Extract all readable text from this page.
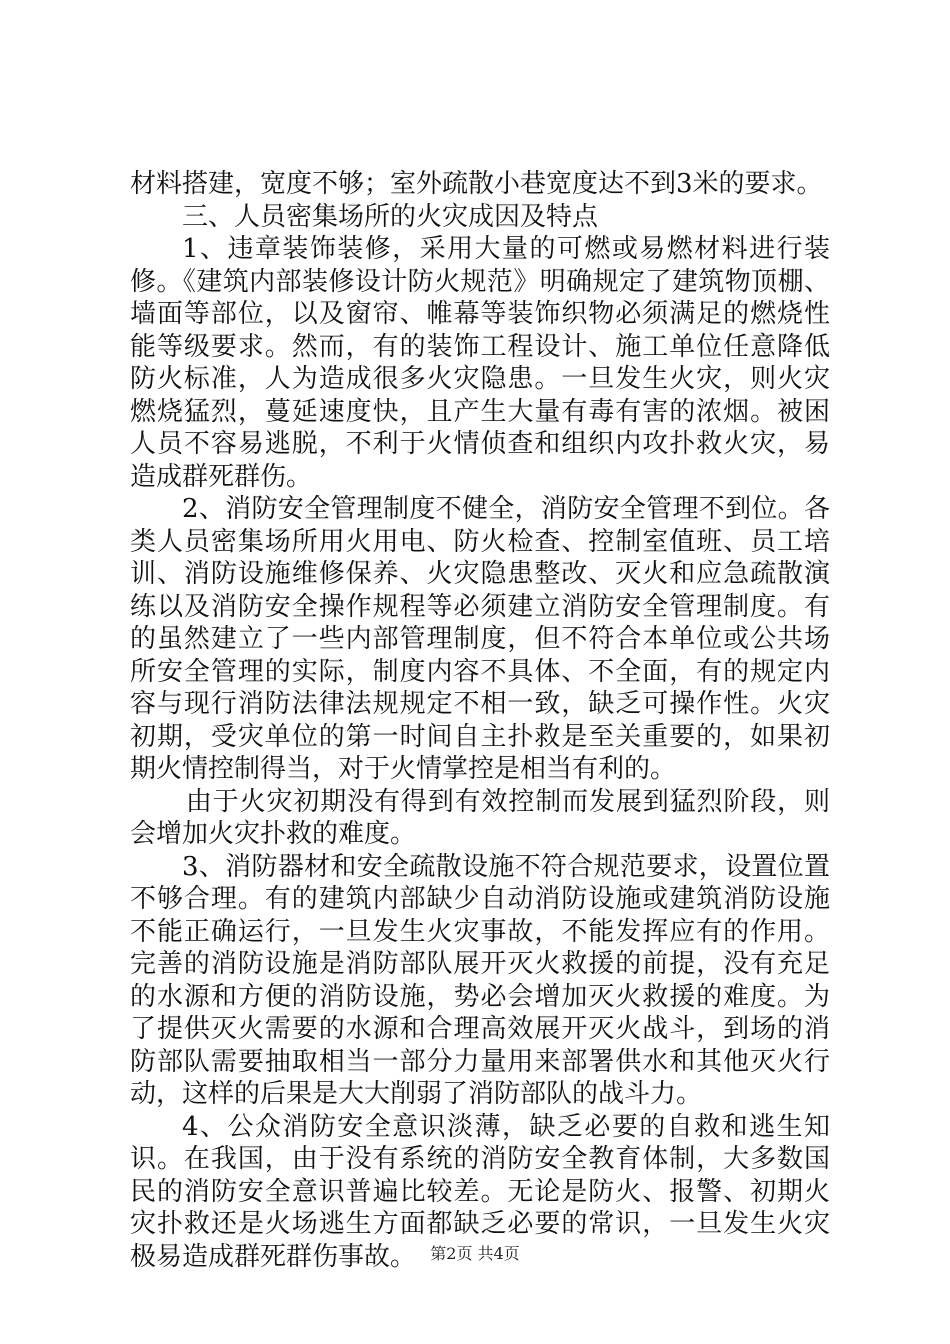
材料搭建，宽度不够；室外疏散小巷宽度达不到3米的要求。

三、人员密集场所的火灾成因及特点

1、违章装饰装修，采用大量的可燃或易燃材料进行装修。《建筑内部装修设计防火规范》明确规定了建筑物顶棚、墙面等部位，以及窗帘、帷幕等装饰织物必须满足的燃烧性能等级要求。然而，有的装饰工程设计、施工单位任意降低防火标准，人为造成很多火灾隐患。一旦发生火灾，则火灾燃烧猛烈，蔓延速度快，且产生大量有毒有害的浓烟。被困人员不容易逃脱，不利于火情侦查和组织内攻扑救火灾，易造成群死群伤。

2、消防安全管理制度不健全，消防安全管理不到位。各类人员密集场所用火用电、防火检查、控制室值班、员工培训、消防设施维修保养、火灾隐患整改、灭火和应急疏散演练以及消防安全操作规程等必须建立消防安全管理制度。有的虽然建立了一些内部管理制度，但不符合本单位或公共场所安全管理的实际，制度内容不具体、不全面，有的规定内容与现行消防法律法规规定不相一致，缺乏可操作性。火灾初期，受灾单位的第一时间自主扑救是至关重要的，如果初期火情控制得当，对于火情掌控是相当有利的。

由于火灾初期没有得到有效控制而发展到猛烈阶段，则会增加火灾扑救的难度。

3、消防器材和安全疏散设施不符合规范要求，设置位置不够合理。有的建筑内部缺少自动消防设施或建筑消防设施不能正确运行，一旦发生火灾事故，不能发挥应有的作用。完善的消防设施是消防部队展开灭火救援的前提，没有充足的水源和方便的消防设施，势必会增加灭火救援的难度。为了提供灭火需要的水源和合理高效展开灭火战斗，到场的消防部队需要抽取相当一部分力量用来部署供水和其他灭火行动，这样的后果是大大削弱了消防部队的战斗力。

4、公众消防安全意识淡薄，缺乏必要的自救和逃生知识。在我国，由于没有系统的消防安全教育体制，大多数国民的消防安全意识普遍比较差。无论是防火、报警、初期火灾扑救还是火场逃生方面都缺乏必要的常识，一旦发生火灾极易造成群死群伤事故。 第2页 共4页
